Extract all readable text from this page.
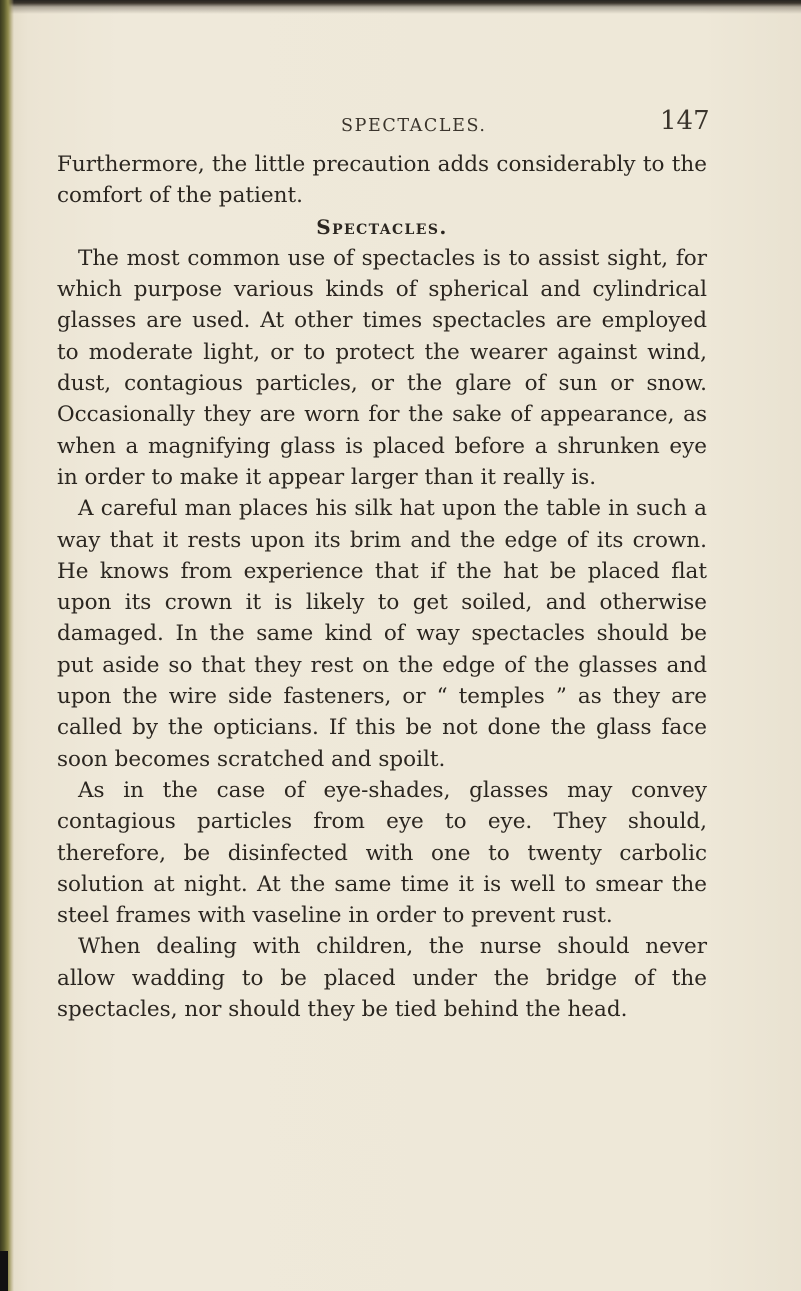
SPECTACLES.	147

Furthermore, the little precaution adds considerably to the comfort of the patient.

Spectacles.

The most common use of spectacles is to assist sight, for which purpose various kinds of spherical and cylindrical glasses are used. At other times spectacles are employed to moderate light, or to protect the wearer against wind, dust, contagious particles, or the glare of sun or snow. Occasionally they are worn for the sake of appearance, as when a magnifying glass is placed before a shrunken eye in order to make it appear larger than it really is.

A careful man places his silk hat upon the table in such a way that it rests upon its brim and the edge of its crown. He knows from experience that if the hat be placed flat upon its crown it is likely to get soiled, and otherwise damaged. In the same kind of way spectacles should be put aside so that they rest on the edge of the glasses and upon the wire side fasteners, or “ temples ” as they are called by the opticians. If this be not done the glass face soon becomes scratched and spoilt.

As in the case of eye-shades, glasses may convey contagious particles from eye to eye. They should, therefore, be disinfected with one to twenty carbolic solution at night. At the same time it is well to smear the steel frames with vaseline in order to prevent rust.

When dealing with children, the nurse should never allow wadding to be placed under the bridge of the spectacles, nor should they be tied behind the head.
